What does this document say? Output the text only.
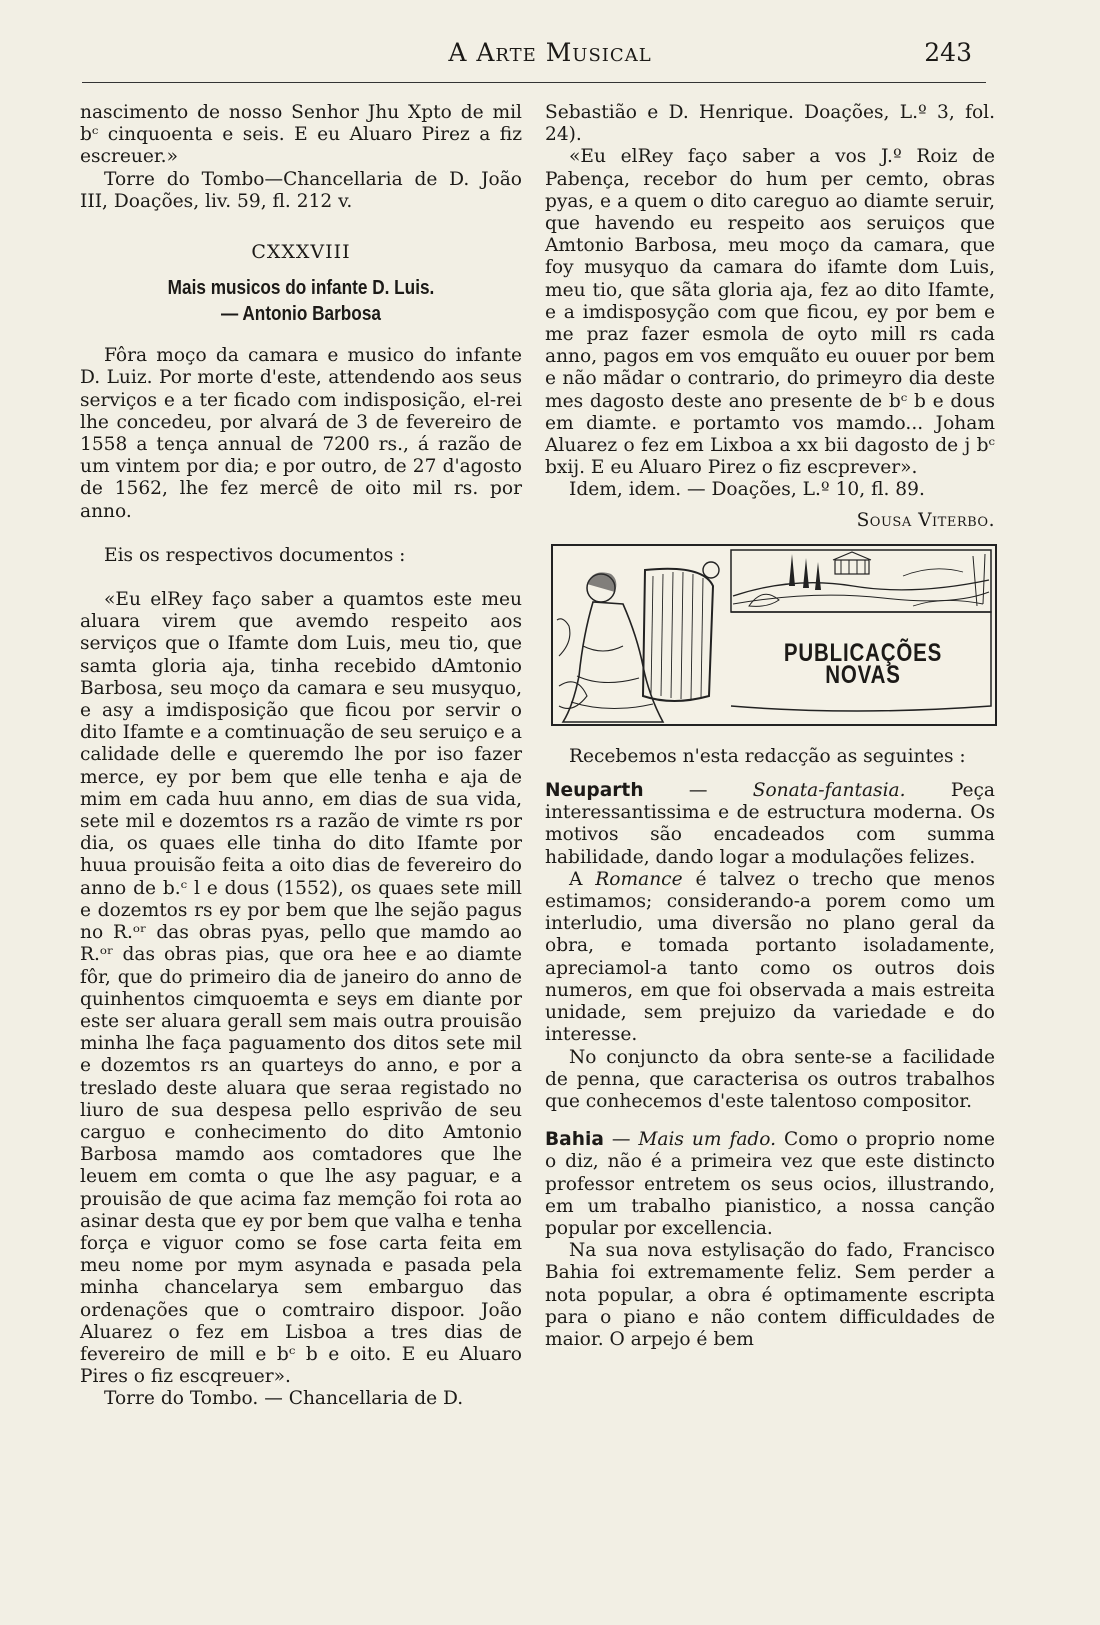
A Arte Musical	243

nascimento de nosso Senhor Jhu Xpto de mil bᶜ cinquoenta e seis. E eu Aluaro Pirez a fiz escreuer.»

Torre do Tombo—Chancellaria de D. João III, Doações, liv. 59, fl. 212 v.

CXXXVIII
Mais musicos do infante D. Luis.
— Antonio Barbosa

Fôra moço da camara e musico do infante D. Luiz. Por morte d'este, attendendo aos seus serviços e a ter ficado com indisposição, el-rei lhe concedeu, por alvará de 3 de fevereiro de 1558 a tença annual de 7200 rs., á razão de um vintem por dia; e por outro, de 27 d'agosto de 1562, lhe fez mercê de oito mil rs. por anno.

Eis os respectivos documentos :

«Eu elRey faço saber a quamtos este meu aluara virem que avemdo respeito aos serviços que o Ifamte dom Luis, meu tio, que samta gloria aja, tinha recebido dAmtonio Barbosa, seu moço da camara e seu musyquo, e asy a imdisposição que ficou por servir o dito Ifamte e a comtinuação de seu seruiço e a calidade delle e queremdo lhe por iso fazer merce, ey por bem que elle tenha e aja de mim em cada huu anno, em dias de sua vida, sete mil e dozemtos rs a razão de vimte rs por dia, os quaes elle tinha do dito Ifamte por huua prouisão feita a oito dias de fevereiro do anno de b.ᶜ l e dous (1552), os quaes sete mill e dozemtos rs ey por bem que lhe sejão pagus no R.ᵒʳ das obras pyas, pello que mamdo ao R.ᵒʳ das obras pias, que ora hee e ao diamte fôr, que do primeiro dia de janeiro do anno de quinhentos cimquoemta e seys em diante por este ser aluara gerall sem mais outra prouisão minha lhe faça paguamento dos ditos sete mil e dozemtos rs an quarteys do anno, e por a treslado deste aluara que seraa registado no liuro de sua despesa pello esprivão de seu carguo e conhecimento do dito Amtonio Barbosa mamdo aos comtadores que lhe leuem em comta o que lhe asy paguar, e a prouisão de que acima faz memção foi rota ao asinar desta que ey por bem que valha e tenha força e viguor como se fose carta feita em meu nome por mym asynada e pasada pela minha chancelarya sem embarguo das ordenações que o comtrairo dispoor. João Aluarez o fez em Lisboa a tres dias de fevereiro de mill e bᶜ b e oito. E eu Aluaro Pires o fiz escqreuer».

Torre do Tombo. — Chancellaria de D.

Sebastião e D. Henrique. Doações, L.º 3, fol. 24).

«Eu elRey faço saber a vos J.º Roiz de Pabença, recebor do hum per cemto, obras pyas, e a quem o dito careguo ao diamte seruir, que havendo eu respeito aos seruiços que Amtonio Barbosa, meu moço da camara, que foy musyquo da camara do ifamte dom Luis, meu tio, que sãta gloria aja, fez ao dito Ifamte, e a imdisposyção com que ficou, ey por bem e me praz fazer esmola de oyto mill rs cada anno, pagos em vos emquãto eu ouuer por bem e não mãdar o contrario, do primeyro dia deste mes dagosto deste ano presente de bᶜ b e dous em diamte. e portamto vos mamdo... Joham Aluarez o fez em Lixboa a xx bii dagosto de j bᶜ bxij. E eu Aluaro Pirez o fiz escprever».

Idem, idem. — Doações, L.º 10, fl. 89.

Sousa Viterbo.
PUBLICAÇÕES NOVAS

Recebemos n'esta redacção as seguintes :

Neuparth — Sonata-fantasia. Peça interessantissima e de estructura moderna. Os motivos são encadeados com summa habilidade, dando logar a modulações felizes.

A Romance é talvez o trecho que menos estimamos; considerando-a porem como um interludio, uma diversão no plano geral da obra, e tomada portanto isoladamente, apreciamol-a tanto como os outros dois numeros, em que foi observada a mais estreita unidade, sem prejuizo da variedade e do interesse.

No conjuncto da obra sente-se a facilidade de penna, que caracterisa os outros trabalhos que conhecemos d'este talentoso compositor.

Bahia — Mais um fado. Como o proprio nome o diz, não é a primeira vez que este distincto professor entretem os seus ocios, illustrando, em um trabalho pianistico, a nossa canção popular por excellencia.

Na sua nova estylisação do fado, Francisco Bahia foi extremamente feliz. Sem perder a nota popular, a obra é optimamente escripta para o piano e não contem difficuldades de maior. O arpejo é bem
